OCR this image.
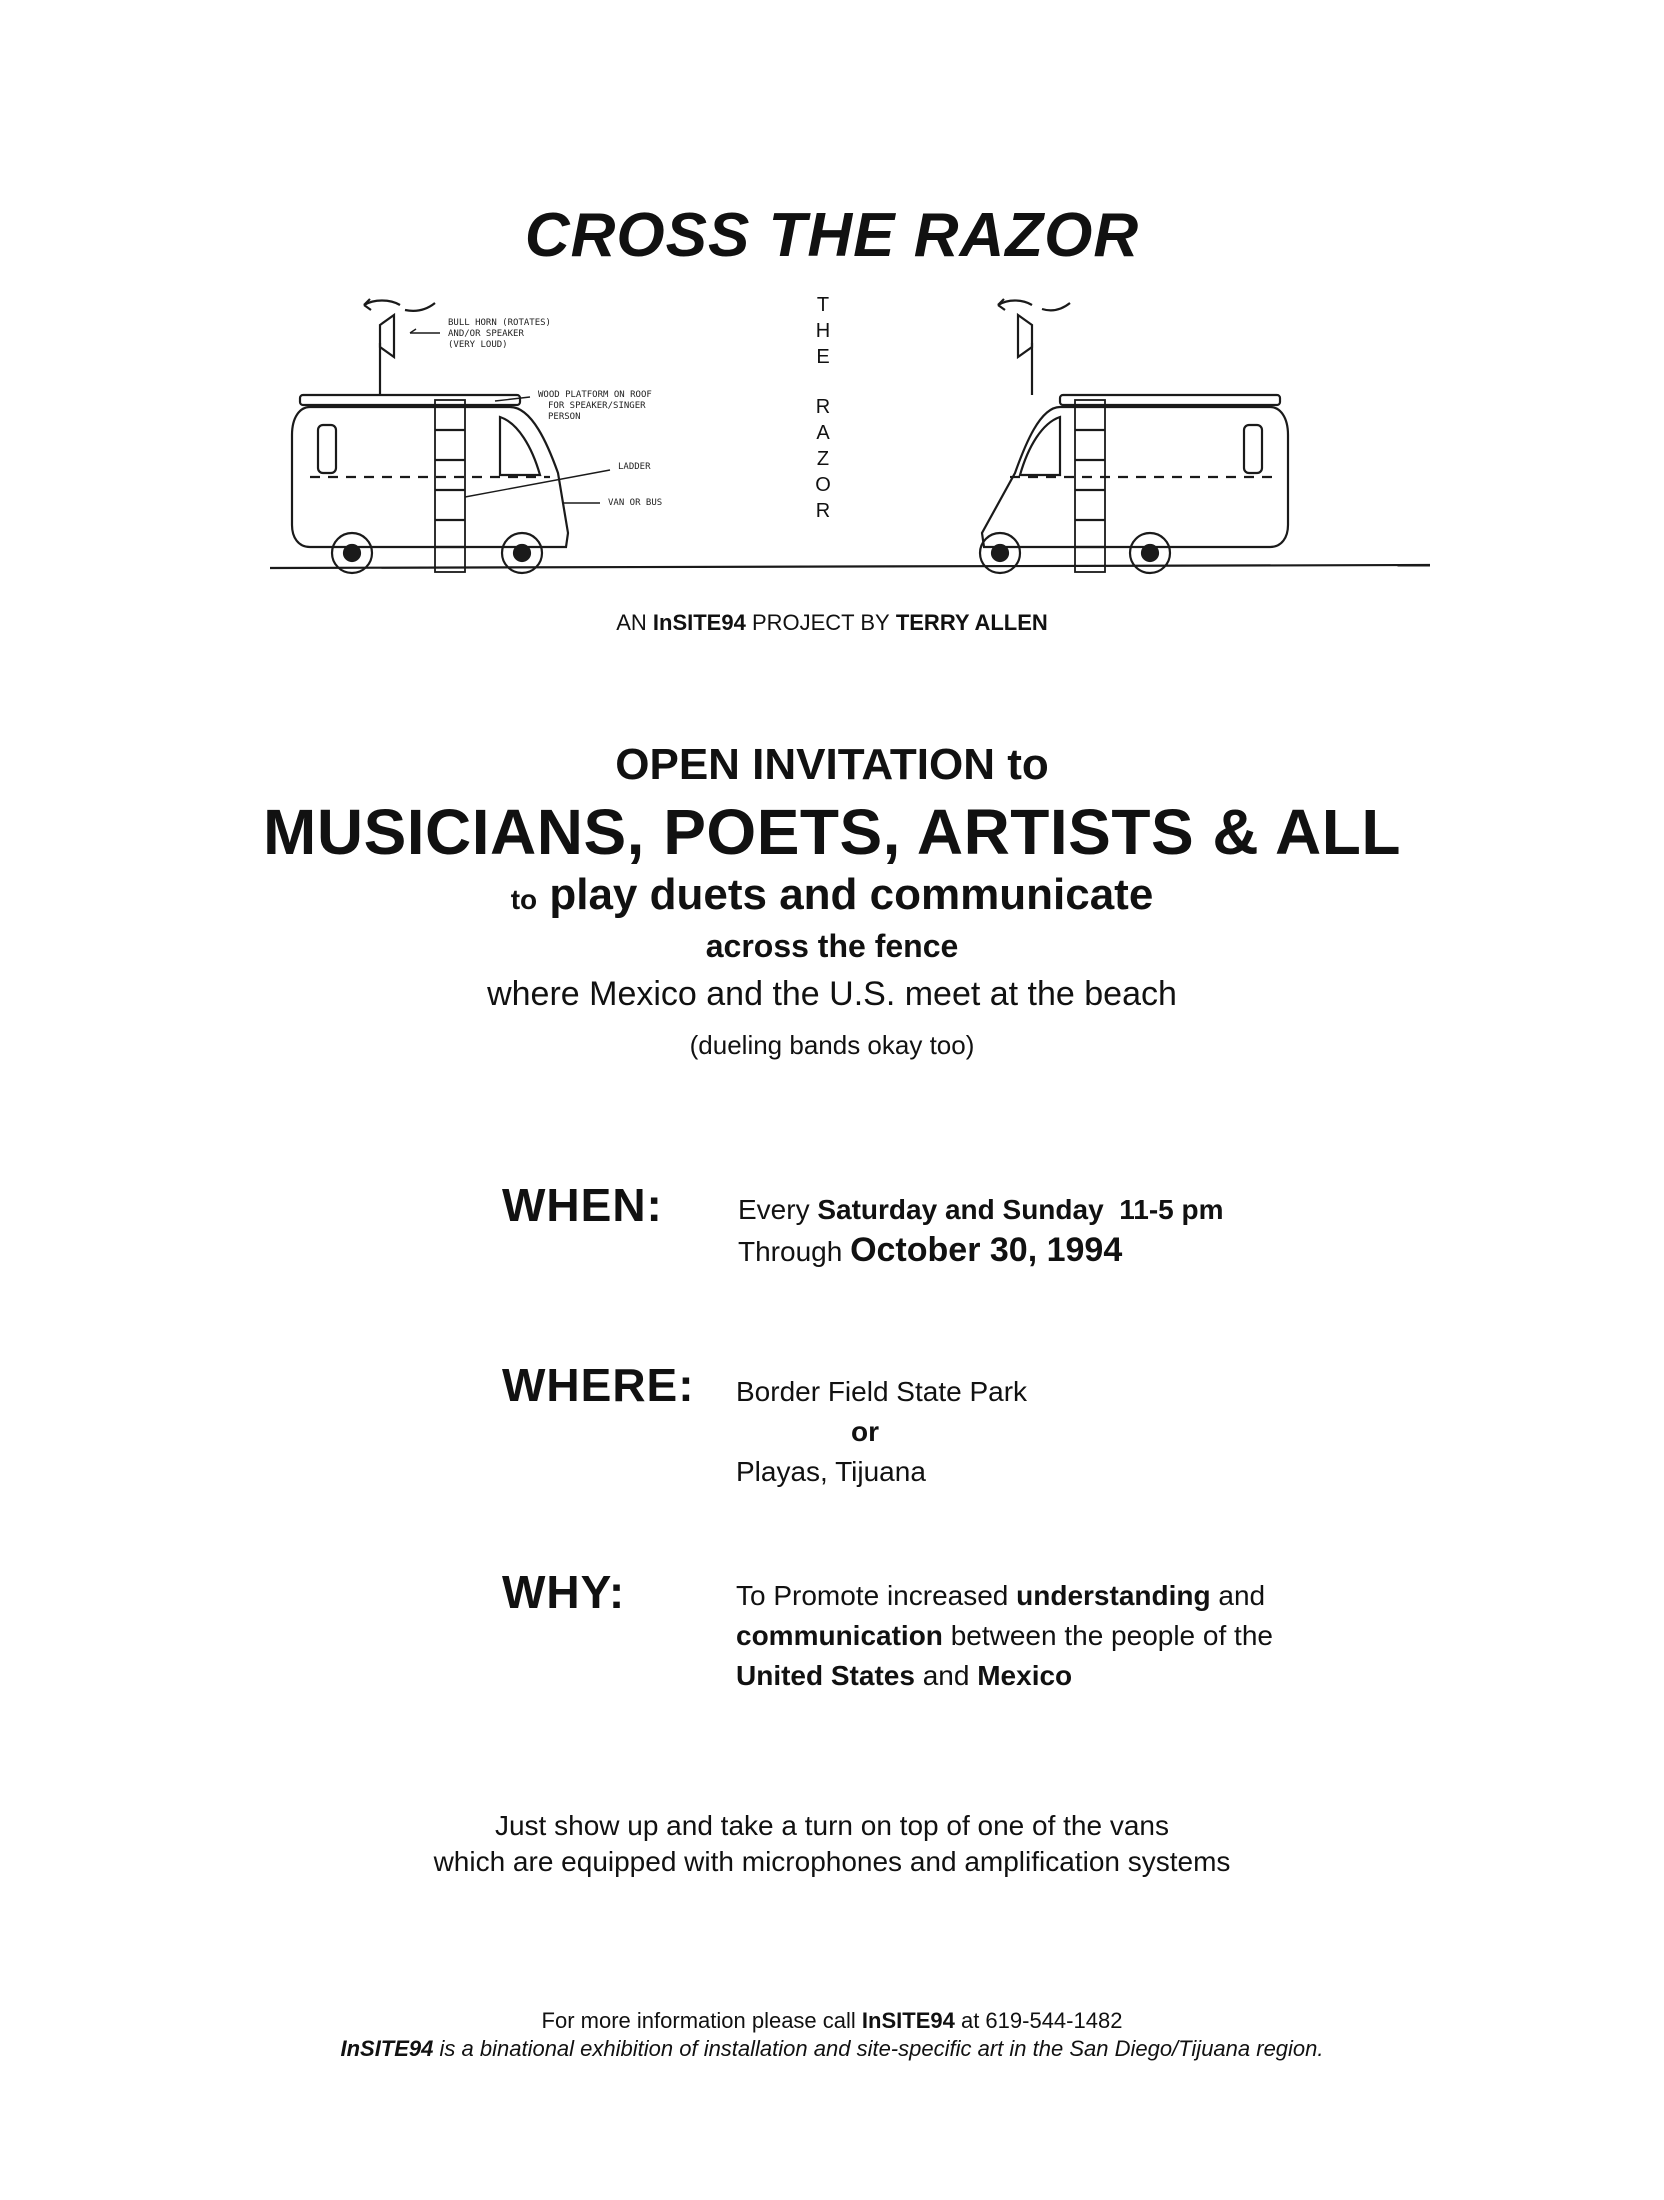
CROSS THE RAZOR
BULL HORN (ROTATES)
AND/OR SPEAKER
(VERY LOUD)
WOOD PLATFORM ON ROOF
FOR SPEAKER/SINGER
PERSON
LADDER
VAN OR BUS
T
H
E
R
A
Z
O
R
AN InSITE94 PROJECT BY TERRY ALLEN
OPEN INVITATION to
MUSICIANS, POETS, ARTISTS & ALL
to play duets and communicate
across the fence
where Mexico and the U.S. meet at the beach
(dueling bands okay too)
WHEN:	Every Saturday and Sunday 11-5 pm
Through October 30, 1994
WHERE: Border Field State Park
or
Playas, Tijuana
WHY:	To Promote increased understanding and
communication between the people of the
United States and Mexico
Just show up and take a turn on top of one of the vans
which are equipped with microphones and amplification systems
For more information please call InSITE94 at 619-544-1482
InSITE94 is a binational exhibition of installation and site-specific art in the San Diego/Tijuana region.
